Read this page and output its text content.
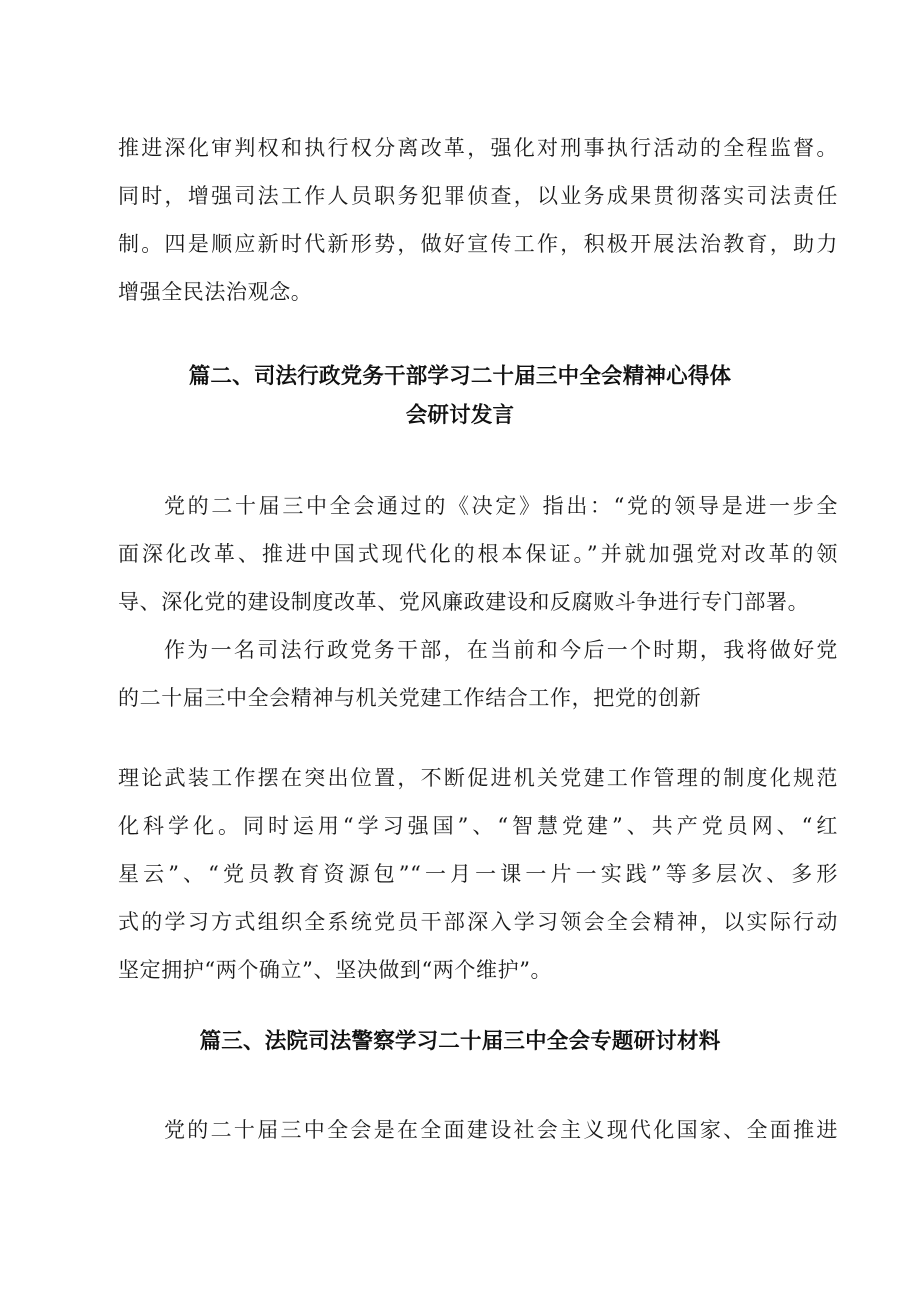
推进深化审判权和执行权分离改革，强化对刑事执行活动的全程监督。
同时，增强司法工作人员职务犯罪侦查，以业务成果贯彻落实司法责任
制。四是顺应新时代新形势，做好宣传工作，积极开展法治教育，助力
增强全民法治观念。
篇二、司法行政党务干部学习二十届三中全会精神心得体
会研讨发言
党的二十届三中全会通过的《决定》指出：“党的领导是进一步全
面深化改革、推进中国式现代化的根本保证。”并就加强党对改革的领
导、深化党的建设制度改革、党风廉政建设和反腐败斗争进行专门部署。
作为一名司法行政党务干部，在当前和今后一个时期，我将做好党
的二十届三中全会精神与机关党建工作结合工作，把党的创新
理论武装工作摆在突出位置，不断促进机关党建工作管理的制度化规范
化科学化。同时运用“学习强国”、“智慧党建”、共产党员网、“红
星云”、“党员教育资源包”“一月一课一片一实践”等多层次、多形
式的学习方式组织全系统党员干部深入学习领会全会精神，以实际行动
坚定拥护“两个确立”、坚决做到“两个维护”。
篇三、法院司法警察学习二十届三中全会专题研讨材料
党的二十届三中全会是在全面建设社会主义现代化国家、全面推进
